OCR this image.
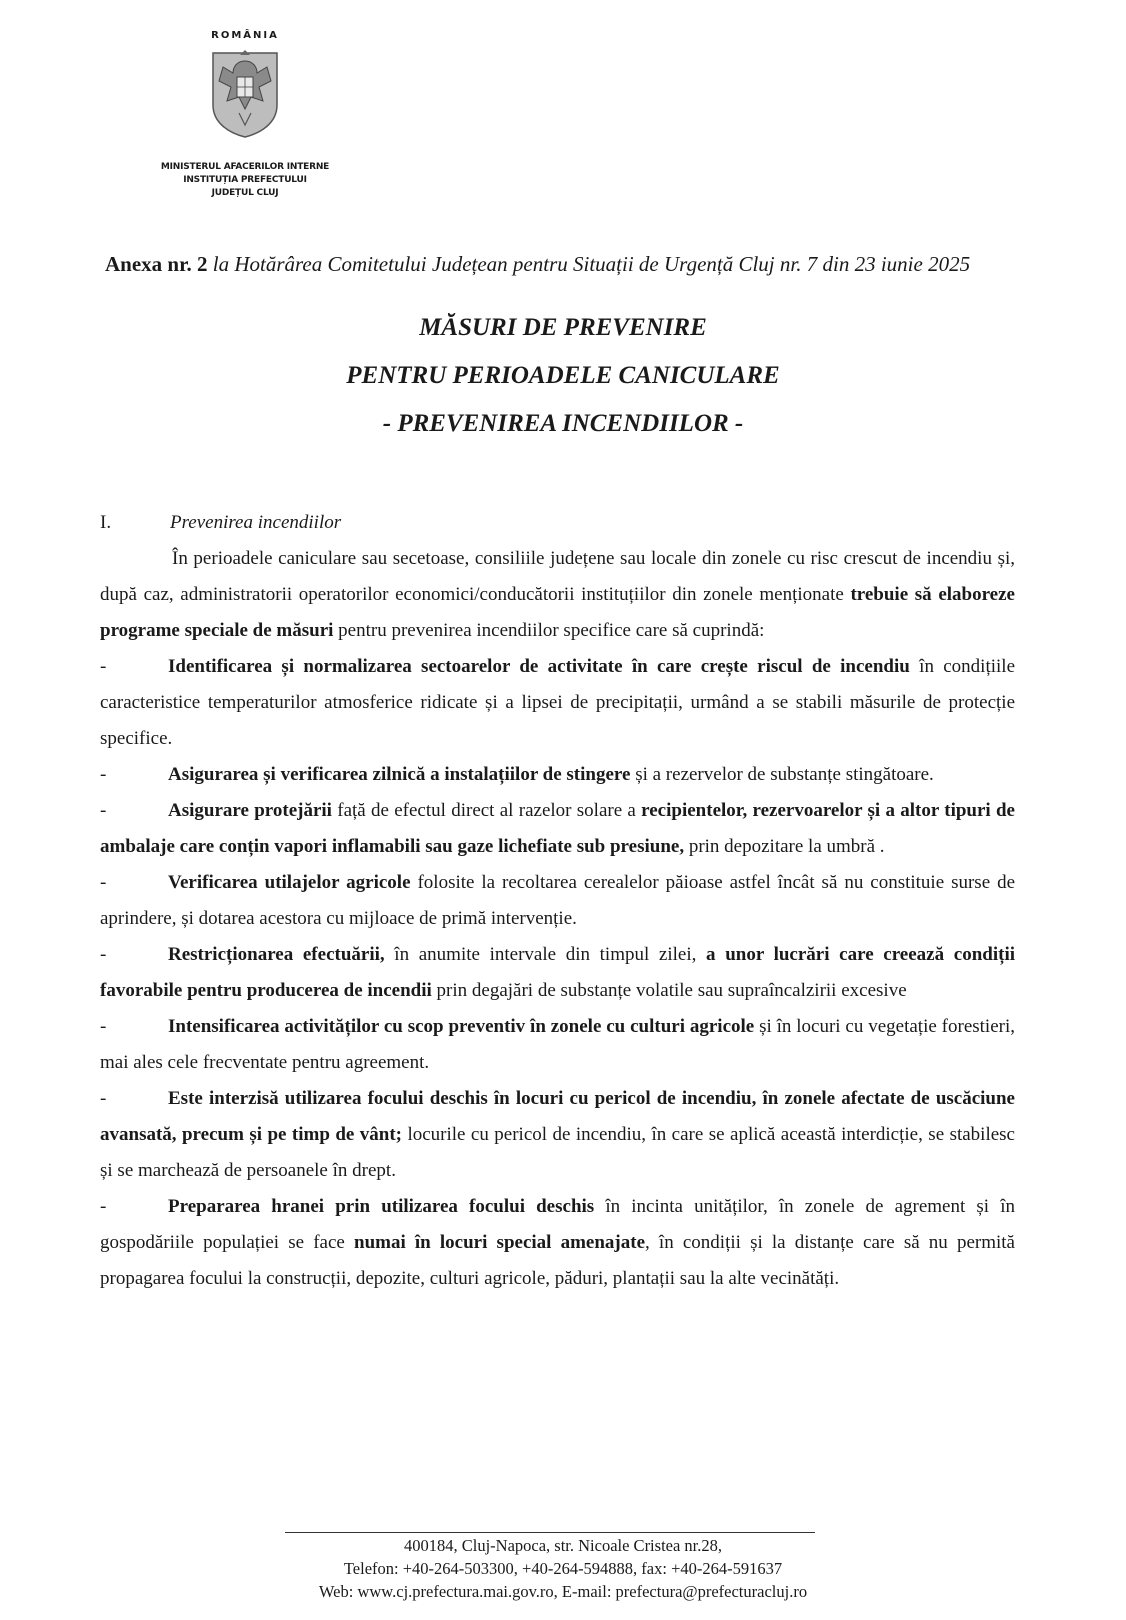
ROMÂNIA
MINISTERUL AFACERILOR INTERNE
INSTITUȚIA PREFECTULUI
JUDEȚUL CLUJ
Anexa nr. 2 la Hotărârea Comitetului Județean pentru Situații de Urgență Cluj nr. 7 din 23 iunie 2025
MĂSURI DE PREVENIRE
PENTRU PERIOADELE CANICULARE
- PREVENIREA INCENDIILOR -

I.	Prevenirea incendiilor

În perioadele caniculare sau secetoase, consiliile județene sau locale din zonele cu risc crescut de incendiu și, după caz, administratorii operatorilor economici/conducătorii instituțiilor din zonele menționate trebuie să elaboreze programe speciale de măsuri pentru prevenirea incendiilor specifice care să cuprindă:

-	Identificarea și normalizarea sectoarelor de activitate în care crește riscul de incendiu în condițiile caracteristice temperaturilor atmosferice ridicate și a lipsei de precipitații, urmând a se stabili măsurile de protecție specifice.

-	Asigurarea și verificarea zilnică a instalațiilor de stingere și a rezervelor de substanțe stingătoare.

-	Asigurare protejării față de efectul direct al razelor solare a recipientelor, rezervoarelor și a altor tipuri de ambalaje care conțin vapori inflamabili sau gaze lichefiate sub presiune, prin depozitare la umbră .

-	Verificarea utilajelor agricole folosite la recoltarea cerealelor păioase astfel încât să nu constituie surse de aprindere, și dotarea acestora cu mijloace de primă intervenție.

-	Restricționarea efectuării, în anumite intervale din timpul zilei, a unor lucrări care creează condiții favorabile pentru producerea de incendii prin degajări de substanțe volatile sau supraîncalzirii excesive

-	Intensificarea activităților cu scop preventiv în zonele cu culturi agricole și în locuri cu vegetație forestieri, mai ales cele frecventate pentru agreement.

-	Este interzisă utilizarea focului deschis în locuri cu pericol de incendiu, în zonele afectate de uscăciune avansată, precum și pe timp de vânt; locurile cu pericol de incendiu, în care se aplică această interdicție, se stabilesc și se marchează de persoanele în drept.

-	Prepararea hranei prin utilizarea focului deschis în incinta unităților, în zonele de agrement și în gospodăriile populației se face numai în locuri special amenajate, în condiții și la distanțe care să nu permită propagarea focului la construcții, depozite, culturi agricole, păduri, plantații sau la alte vecinătăți.

400184, Cluj-Napoca, str. Nicoale Cristea nr.28,
Telefon: +40-264-503300, +40-264-594888, fax: +40-264-591637
Web: www.cj.prefectura.mai.gov.ro, E-mail: prefectura@prefecturacluj.ro
